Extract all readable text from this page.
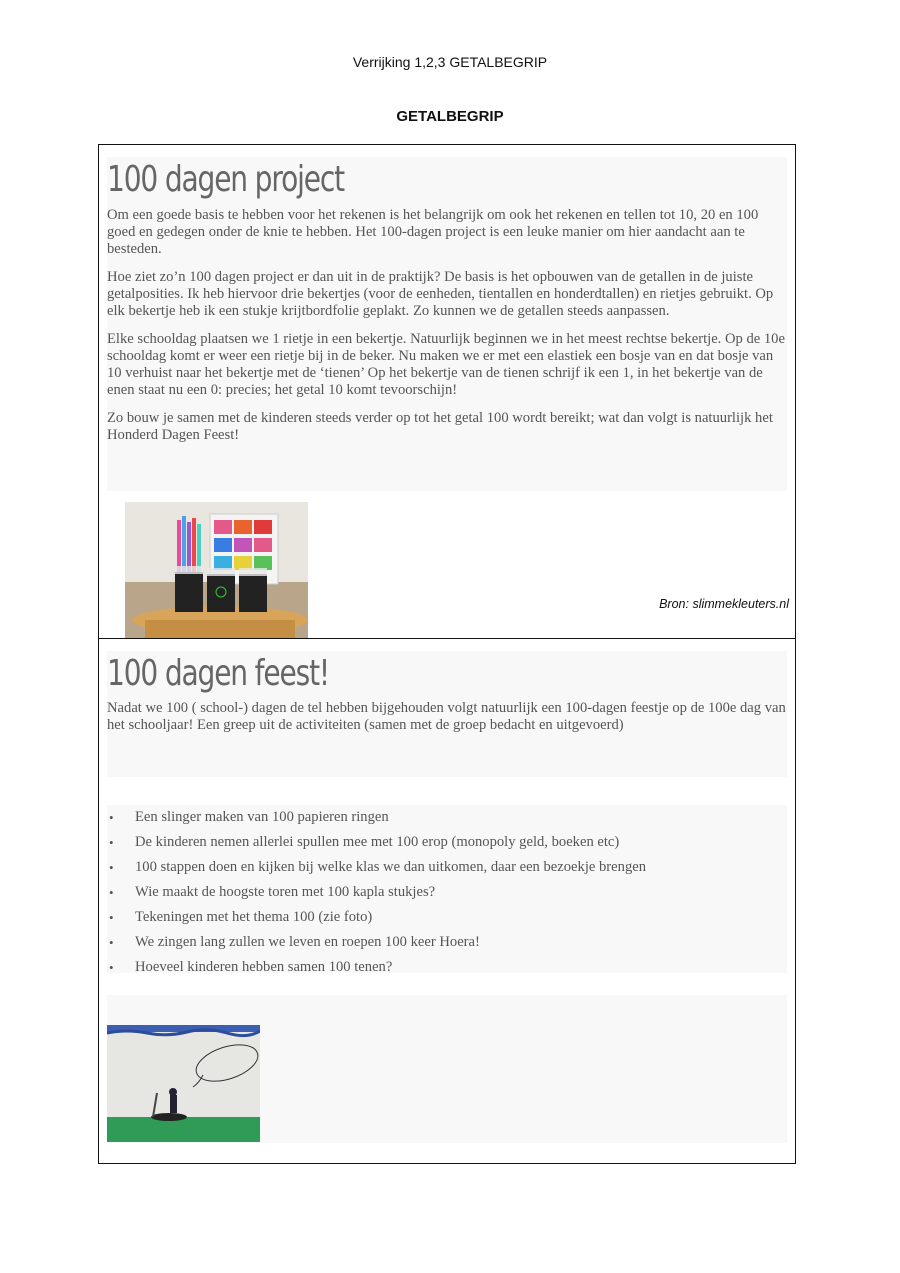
Verrijking 1,2,3 GETALBEGRIP
GETALBEGRIP
100 dagen project

Om een goede basis te hebben voor het rekenen is het belangrijk om ook het rekenen en tellen tot 10, 20 en 100 goed en gedegen onder de knie te hebben. Het 100-dagen project is een leuke manier om hier aandacht aan te besteden.

Hoe ziet zo’n 100 dagen project er dan uit in de praktijk? De basis is het opbouwen van de getallen in de juiste getalposities. Ik heb hiervoor drie bekertjes (voor de eenheden, tientallen en honderdtallen) en rietjes gebruikt. Op elk bekertje heb ik een stukje krijtbordfolie geplakt. Zo kunnen we de getallen steeds aanpassen.

Elke schooldag plaatsen we 1 rietje in een bekertje. Natuurlijk beginnen we in het meest rechtse bekertje. Op de 10e schooldag komt er weer een rietje bij in de beker. Nu maken we er met een elastiek een bosje van en dat bosje van 10 verhuist naar het bekertje met de ‘tienen’ Op het bekertje van de tienen schrijf ik een 1, in het bekertje van de enen staat nu een 0: precies; het getal 10 komt tevoorschijn!

Zo bouw je samen met de kinderen steeds verder op tot het getal 100 wordt bereikt; wat dan volgt is natuurlijk het Honderd Dagen Feest!

Bron: slimmekleuters.nl
100 dagen feest!

Nadat we 100 ( school-) dagen de tel hebben bijgehouden volgt natuurlijk een 100-dagen feestje op de 100e dag van het schooljaar! Een greep uit de activiteiten (samen met de groep bedacht en uitgevoerd)

• Een slinger maken van 100 papieren ringen
• De kinderen nemen allerlei spullen mee met 100 erop (monopoly geld, boeken etc)
• 100 stappen doen en kijken bij welke klas we dan uitkomen, daar een bezoekje brengen
• Wie maakt de hoogste toren met 100 kapla stukjes?
• Tekeningen met het thema 100 (zie foto)
• We zingen lang zullen we leven en roepen 100 keer Hoera!
• Hoeveel kinderen hebben samen 100 tenen?
